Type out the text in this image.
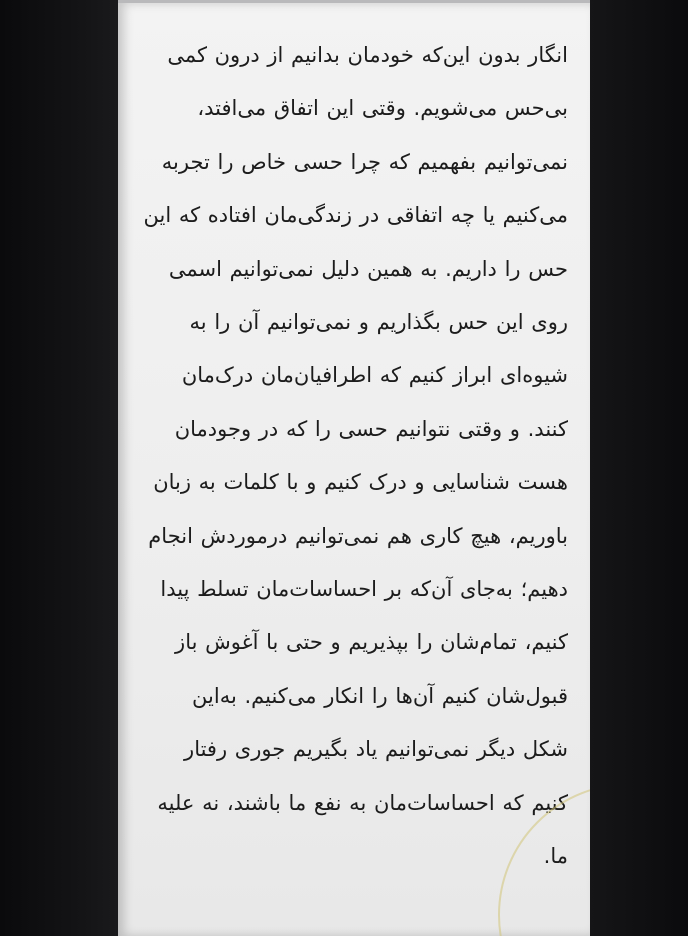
انگار بدون این‌که خودمان بدانیم از درون کمی
بی‌حس می‌شویم. وقتی این اتفاق می‌افتد،
نمی‌توانیم بفهمیم که چرا حسی خاص را تجربه
می‌کنیم یا چه اتفاقی در زندگی‌مان افتاده که این
حس را داریم. به همین دلیل نمی‌توانیم اسمی
روی این حس بگذاریم و نمی‌توانیم آن را به
شیوه‌ای ابراز کنیم که اطرافیان‌مان درک‌مان
کنند. و وقتی نتوانیم حسی را که در وجودمان
هست شناسایی و درک کنیم و با کلمات به زبان
باوریم، هیچ کاری هم نمی‌توانیم درموردش انجام
دهیم؛ به‌جای آن‌که بر احساسات‌مان تسلط پیدا
کنیم، تمام‌شان را بپذیریم و حتی با آغوش باز
قبول‌شان کنیم آن‌ها را انکار می‌کنیم. به‌این
شکل دیگر نمی‌توانیم یاد بگیریم جوری رفتار
کنیم که احساسات‌مان به نفع ما باشند، نه علیه
ما.
